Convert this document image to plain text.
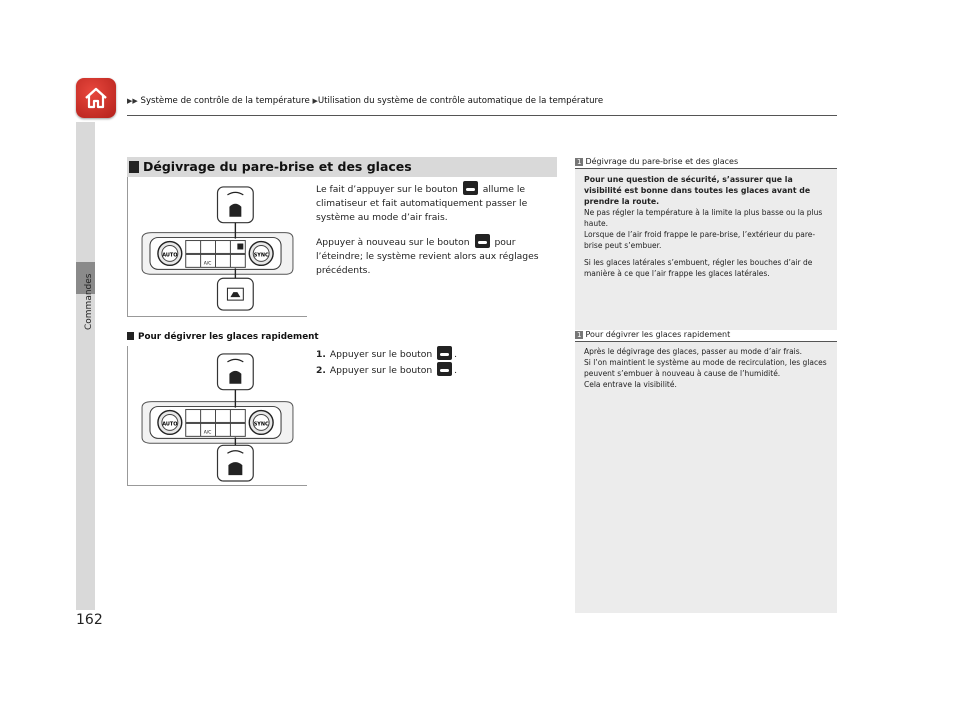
▶▶ Système de contrôle de la température ▶Utilisation du système de contrôle automatique de la température
Commandes
162
Dégivrage du pare-brise et des glaces
AUTO	SYNC
A/C
Le fait d’appuyer sur le bouton	allume le
climatiseur et fait automatiquement passer le
système au mode d’air frais.
Appuyer à nouveau sur le bouton	pour
l’éteindre; le système revient alors aux réglages
précédents.
Pour dégivrer les glaces rapidement
1. Appuyer sur le bouton .
2. Appuyer sur le bouton .
AUTO	SYNC
A/C
1 Dégivrage du pare-brise et des glaces

Pour une question de sécurité, s’assurer que la visibilité est bonne dans toutes les glaces avant de prendre la route.

Ne pas régler la température à la limite la plus basse ou la plus haute.

Lorsque de l’air froid frappe le pare-brise, l’extérieur du pare-brise peut s’embuer.

Si les glaces latérales s’embuent, régler les bouches d’air de manière à ce que l’air frappe les glaces latérales.

1 Pour dégivrer les glaces rapidement

Après le dégivrage des glaces, passer au mode d’air frais.

Si l’on maintient le système au mode de recirculation, les glaces peuvent s’embuer à nouveau à cause de l’humidité.

Cela entrave la visibilité.
